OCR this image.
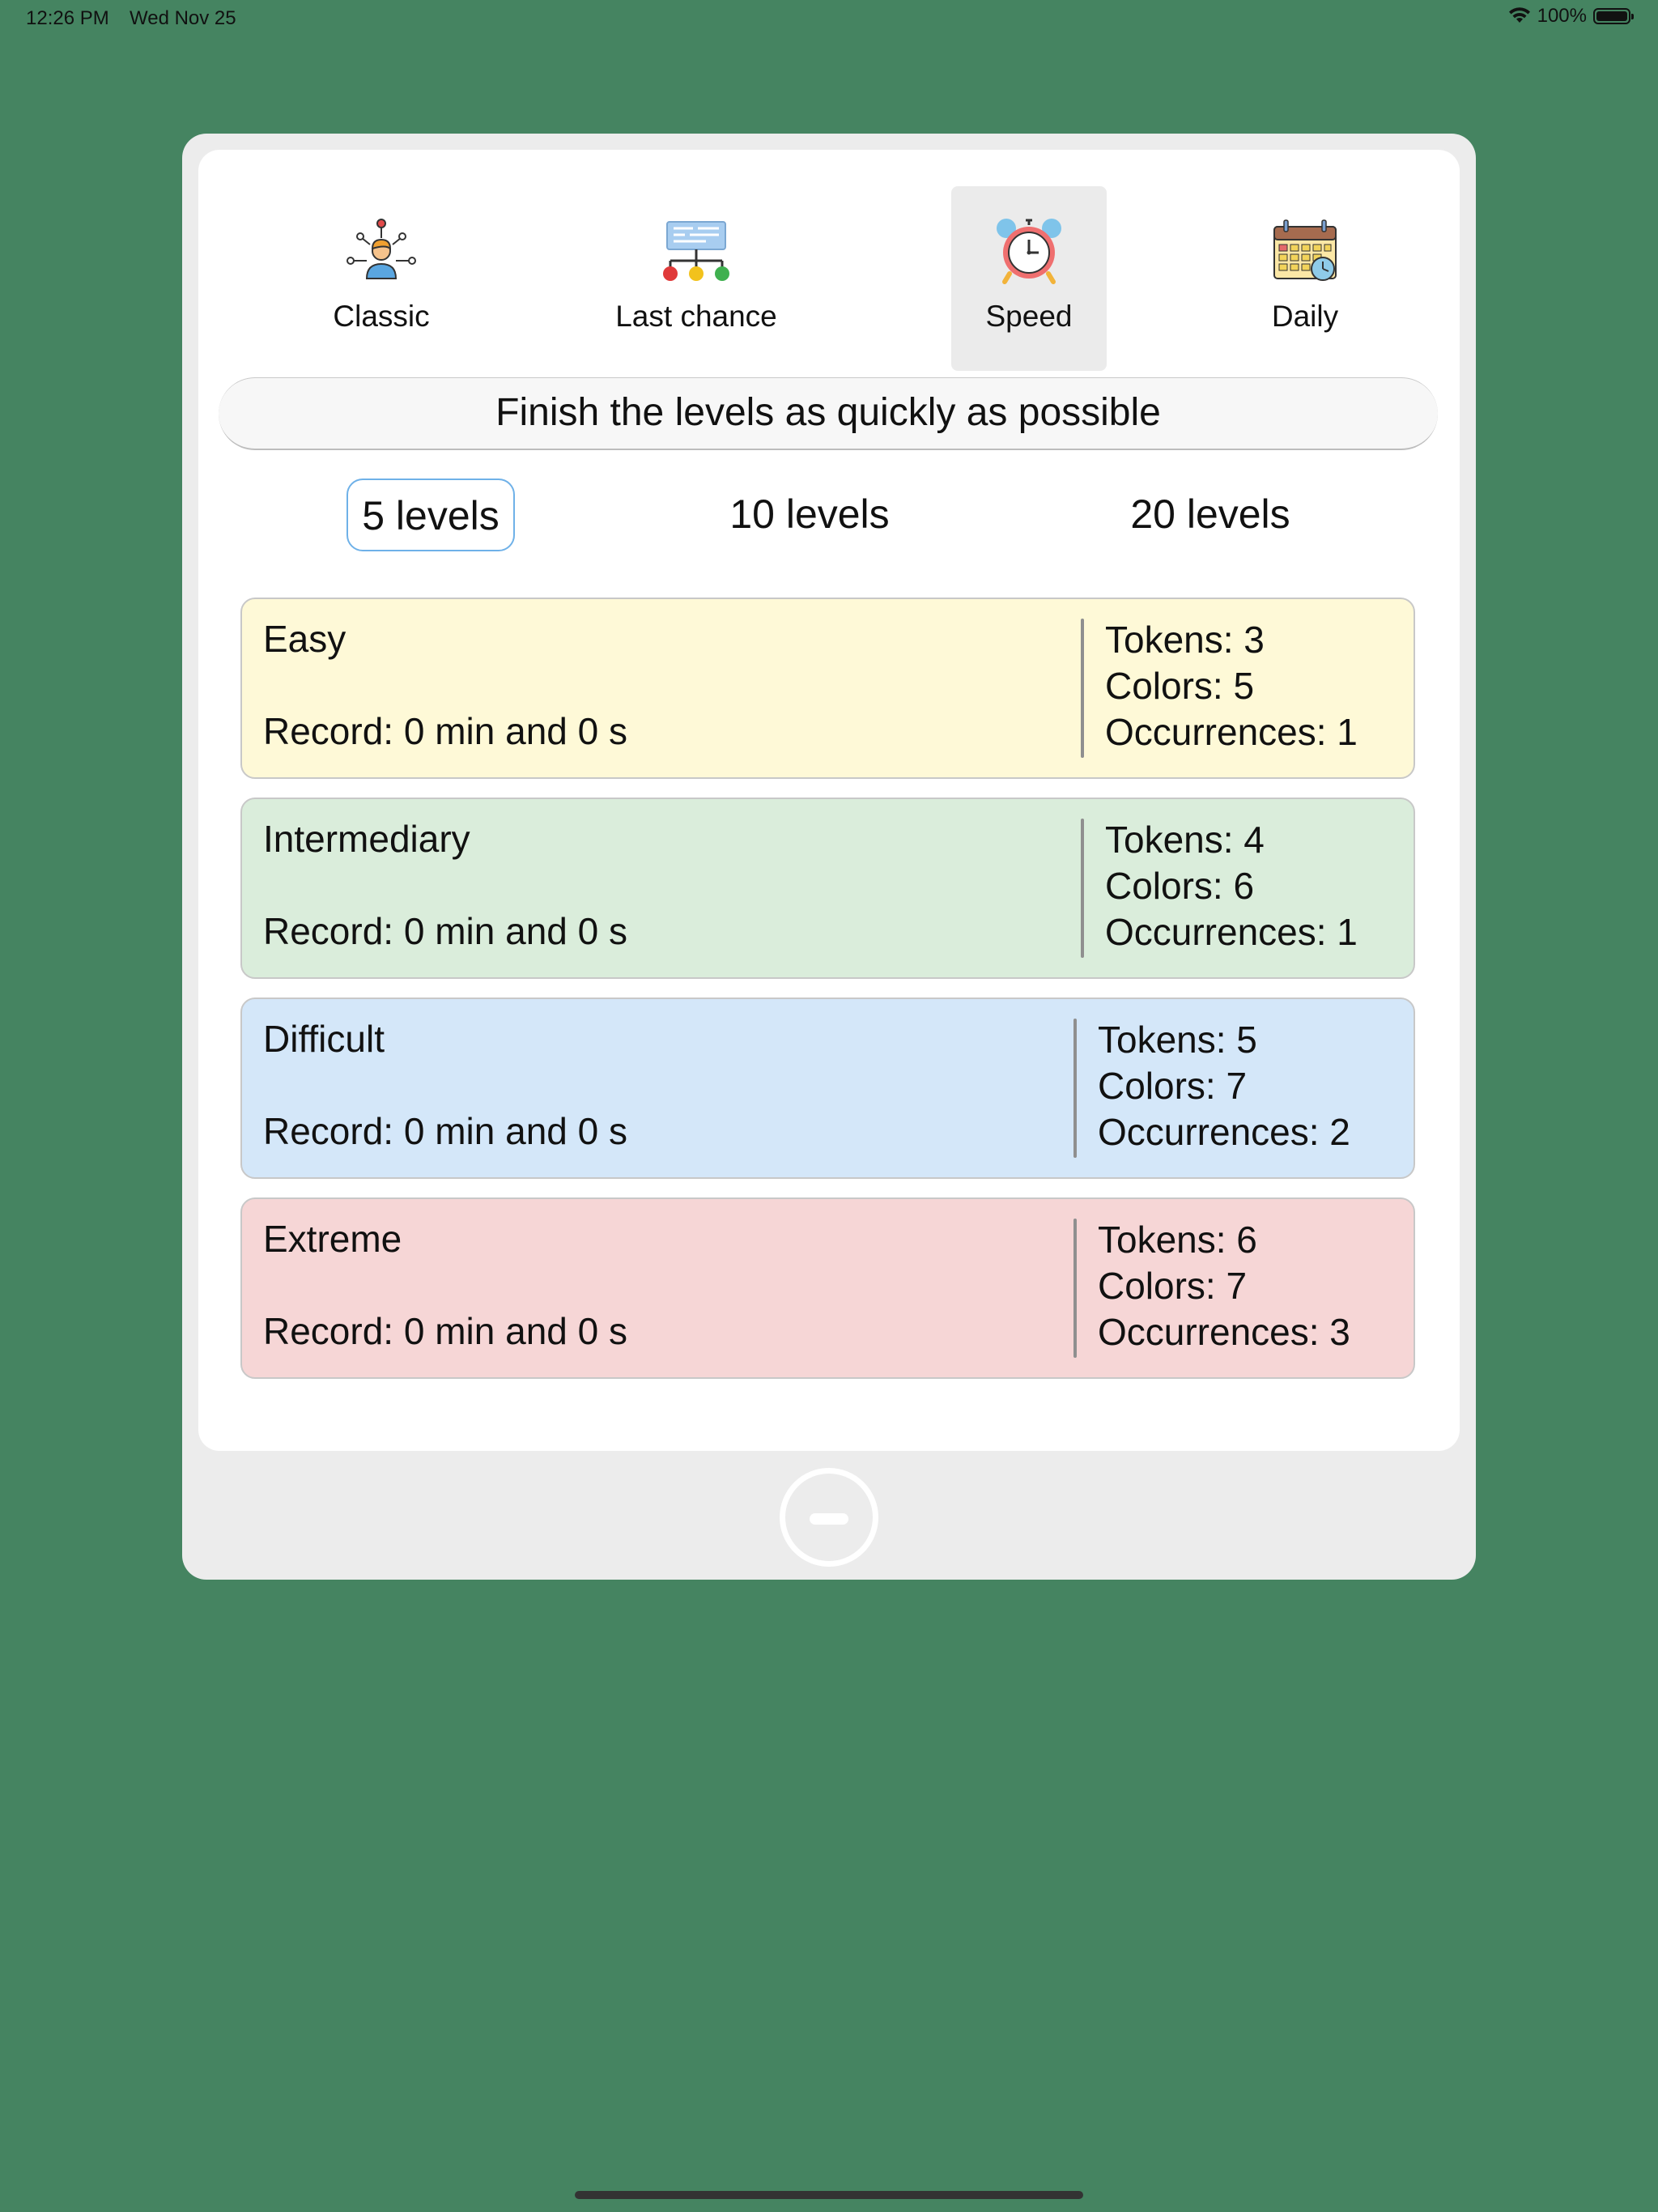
12:26 PM Wed Nov 25	100%
Classic	Last chance	Speed	Daily
Finish the levels as quickly as possible
5 levels	10 levels	20 levels
Easy
Record: 0 min and 0 s
Tokens: 3
Colors: 5
Occurrences: 1
Intermediary
Record: 0 min and 0 s
Tokens: 4
Colors: 6
Occurrences: 1
Difficult
Record: 0 min and 0 s
Tokens: 5
Colors: 7
Occurrences: 2
Extreme
Record: 0 min and 0 s
Tokens: 6
Colors: 7
Occurrences: 3
